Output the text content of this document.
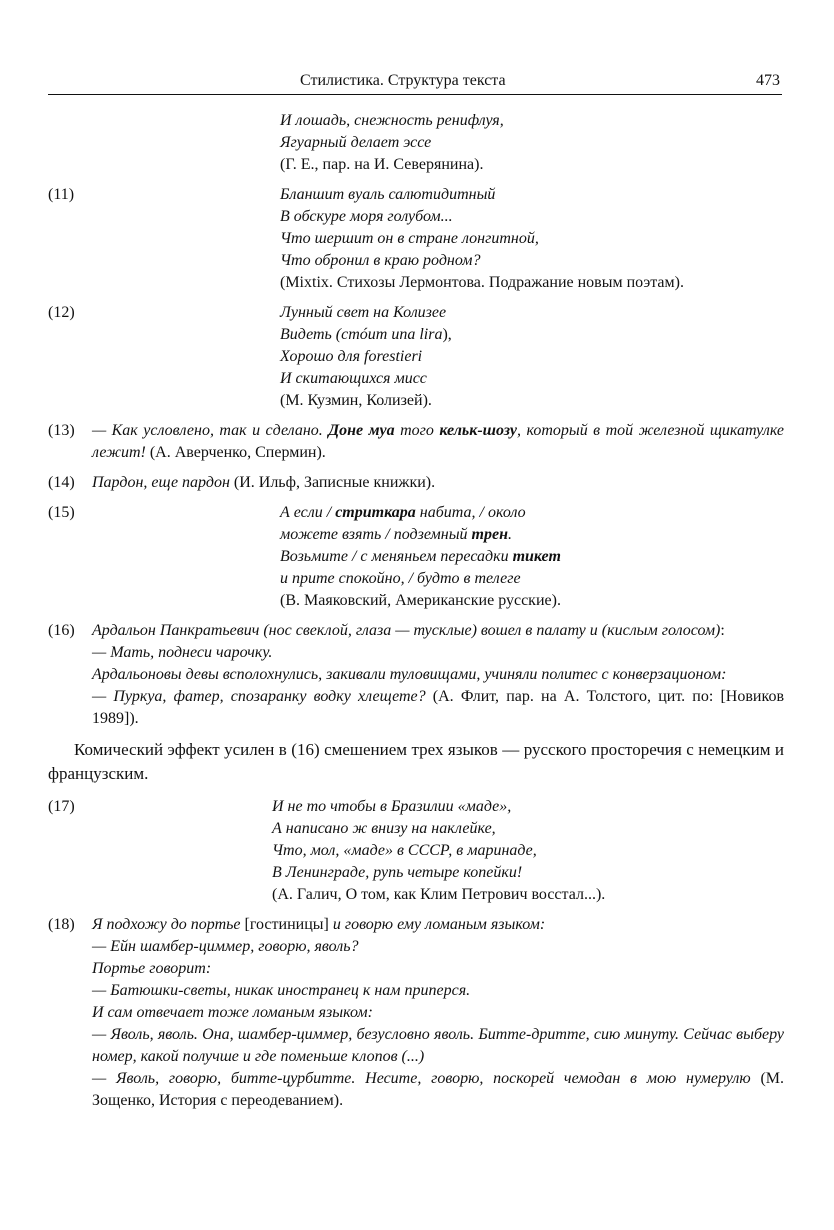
Стилистика. Структура текста	473
И лошадь, снежность ренифлуя,
Ягуарный делает эссе
(Г. Е., пар. на И. Северянина).
(11)	Бланшит вуаль салютидитный
В обскуре моря голубом...
Что шершит он в стране лонгитной,
Что обронил в краю родном?
(Mixtix. Стихозы Лермонтова. Подражание новым поэтам).
(12)	Лунный свет на Колизее
Видеть (стóит una lira),
Хорошо для forestieri
И скитающихся мисс
(М. Кузмин, Колизей).
(13) — Как условлено, так и сделано. Доне муа того кельк-шозу, который в той железной щикатулке лежит! (А. Аверченко, Спермин).

(14) Пардон, еще пардон (И. Ильф, Записные книжки).

(15)	А если / стриткара набита, / около
можете взять / подземный трен.
Возьмите / с меняньем пересадки тикет
и прите спокойно, / будто в телеге
(В. Маяковский, Американские русские).
(16) Ардальон Панкратьевич (нос свеклой, глаза — тусклые) вошел в палату и (кислым голосом):

— Мать, поднеси чарочку.

Ардальоновы девы всполохнулись, закивали туловищами, учиняли политес с конверзационом:

— Пуркуа, фатер, спозаранку водку хлещете? (А. Флит, пар. на А. Толстого, цит. по: [Новиков 1989]).

Комический эффект усилен в (16) смешением трех языков — русского просторечия с немецким и французским.

(17)	И не то чтобы в Бразилии «маде»,
А написано ж внизу на наклейке,
Что, мол, «маде» в СССР, в маринаде,
В Ленинграде, рупь четыре копейки!
(А. Галич, О том, как Клим Петрович восстал...).
(18) Я подхожу до портье [гостиницы] и говорю ему ломаным языком:

— Ейн шамбер-циммер, говорю, яволь?

Портье говорит:

— Батюшки-светы, никак иностранец к нам приперся.

И сам отвечает тоже ломаным языком:

— Яволь, яволь. Она, шамбер-циммер, безусловно яволь. Битте-дритте, сию минуту. Сейчас выберу номер, какой получше и где поменьше клопов (...)

— Яволь, говорю, битте-цурбитте. Несите, говорю, поскорей чемодан в мою нумерулю (М. Зощенко, История с переодеванием).
